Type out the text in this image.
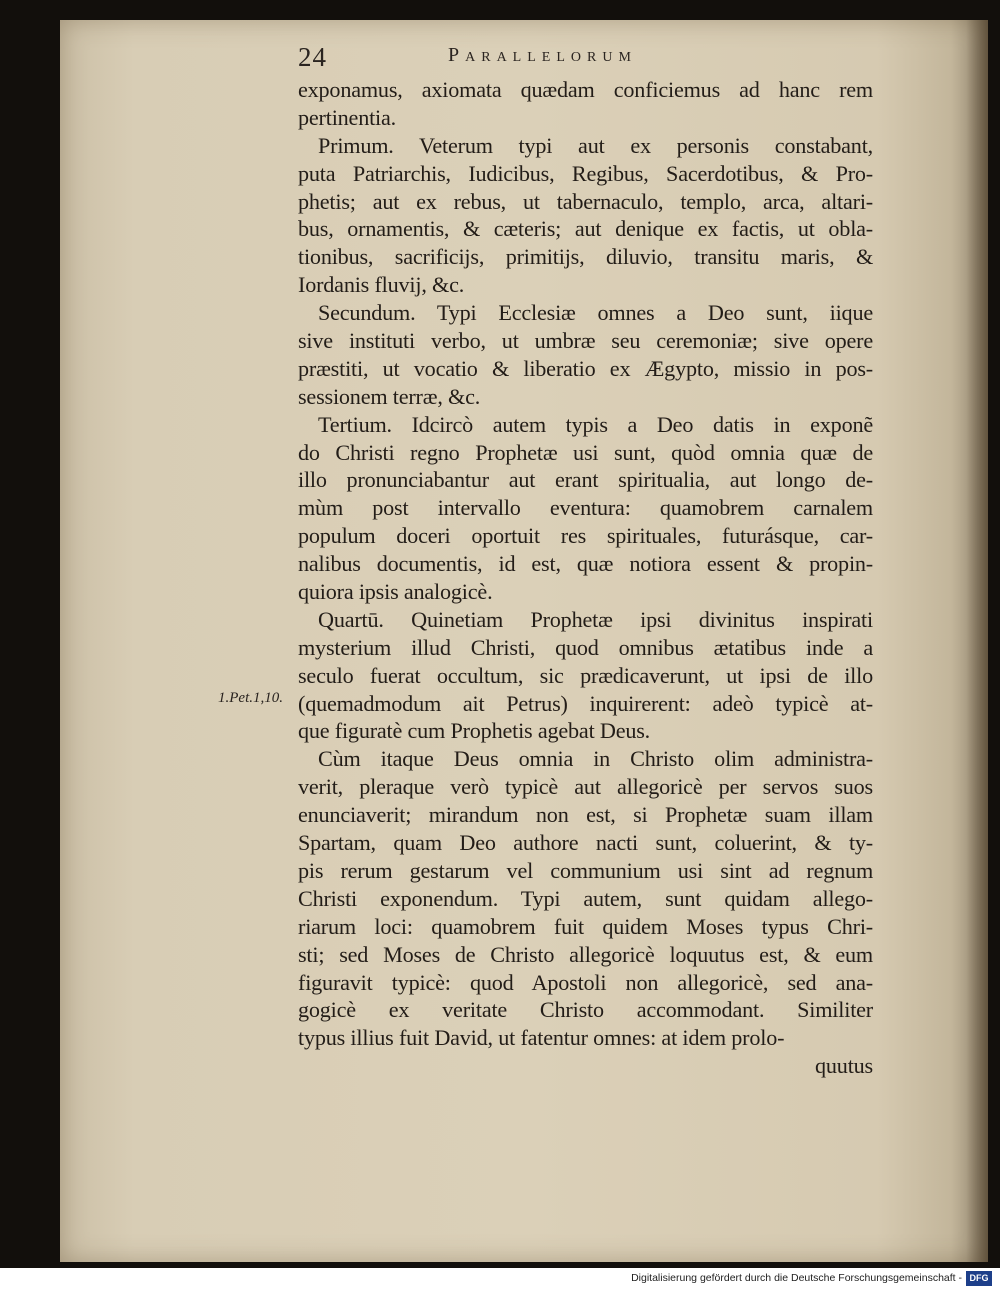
24	Parallelorum
1.Pet.1,10.
exponamus, axiomata quædam conficiemus ad hanc rem
pertinentia.
Primum. Veterum typi aut ex personis constabant,
puta Patriarchis, Iudicibus, Regibus, Sacerdotibus, & Pro-
phetis; aut ex rebus, ut tabernaculo, templo, arca, altari-
bus, ornamentis, & cæteris; aut denique ex factis, ut obla-
tionibus, sacrificijs, primitijs, diluvio, transitu maris, &
Iordanis fluvij, &c.
Secundum. Typi Ecclesiæ omnes a Deo sunt, iique
sive instituti verbo, ut umbræ seu ceremoniæ; sive opere
præstiti, ut vocatio & liberatio ex Ægypto, missio in pos-
sessionem terræ, &c.
Tertium. Idcircò autem typis a Deo datis in exponẽ
do Christi regno Prophetæ usi sunt, quòd omnia quæ de
illo pronunciabantur aut erant spiritualia, aut longo de-
mùm post intervallo eventura: quamobrem carnalem
populum doceri oportuit res spirituales, futurásque, car-
nalibus documentis, id est, quæ notiora essent & propin-
quiora ipsis analogicè.
Quartū. Quinetiam Prophetæ ipsi divinitus inspirati
mysterium illud Christi, quod omnibus ætatibus inde a
seculo fuerat occultum, sic prædicaverunt, ut ipsi de illo
(quemadmodum ait Petrus) inquirerent: adeò typicè at-
que figuratè cum Prophetis agebat Deus.
Cùm itaque Deus omnia in Christo olim administra-
verit, pleraque verò typicè aut allegoricè per servos suos
enunciaverit; mirandum non est, si Prophetæ suam illam
Spartam, quam Deo authore nacti sunt, coluerint, & ty-
pis rerum gestarum vel communium usi sint ad regnum
Christi exponendum. Typi autem, sunt quidam allego-
riarum loci: quamobrem fuit quidem Moses typus Chri-
sti; sed Moses de Christo allegoricè loquutus est, & eum
figuravit typicè: quod Apostoli non allegoricè, sed ana-
gogicè ex veritate Christo accommodant. Similiter
typus illius fuit David, ut fatentur omnes: at idem prolo-
quutus
Digitalisierung gefördert durch die Deutsche Forschungsgemeinschaft - DFG
